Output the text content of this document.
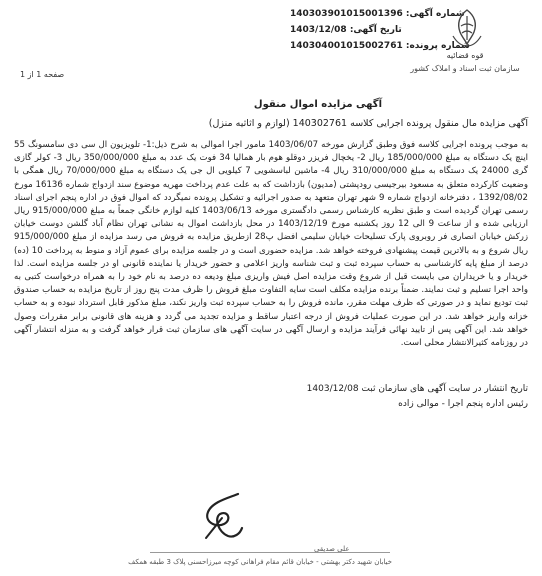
شماره آگهی: 140303901015001396
تاریخ آگهی: 1403/12/08
شماره پرونده: 140304001015002761
قوه قضائیه
سازمان ثبت اسناد و املاک کشور
صفحه 1 از 1
آگهی مزایده اموال منقول
آگهی مزایده مال منقول پرونده اجرایی کلاسه 140302761 (لوازم و اثاثیه منزل)
به موجب پرونده اجرایی کلاسه فوق وطبق گزارش مورخه 1403/06/07 مامور اجرا اموالی به شرح ذیل:1- تلویزیون ال سی دی سامسونگ 55 اینچ یک دستگاه به مبلغ 185/000/000 ریال 2- یخچال فریزر دوقلو هوم بار همالیا 34 فوت یک عدد به مبلغ 350/000/000 ریال 3- کولر گازی گری 24000 یک دستگاه به مبلغ 310/000/000 ریال 4- ماشین لباسشویی 7 کیلویی ال جی یک دستگاه به مبلغ 70/000/000 ریال همگی با وضعیت کارکرده متعلق به مسعود بیرجیسی رودپشتی (مدیون) بازداشت که به علت عدم پرداخت مهریه موضوع سند ازدواج شماره 16136 مورخ 1392/08/02 ، دفترخانه ازدواج شماره 9 شهر تهران متعهد به صدور اجرائیه و تشکیل پرونده نمیگردد که اموال فوق در اداره پنجم اجرای اسناد رسمی تهران گردیده است و طبق نظریه کارشناس رسمی دادگستری مورخه 1403/06/13 کلیه لوازم خانگی جمعاً به مبلغ 915/000/000 ریال ارزیابی شده و از ساعت 9 الی 12 روز یکشنبه مورخ 1403/12/19 در محل بازداشت اموال به نشانی تهران نظام آباد گلشن دوست خیابان زرکش خیابان انصاری فر روبروی پارک تسلیحات خیابان سلیمی افضل پ28 ازطریق مزایده به فروش می رسد مزایده از مبلغ 915/000/000 ریال شروع و به بالاترین قیمت پیشنهادی فروخته خواهد شد. مزایده حضوری است و در جلسه مزایده برای عموم آزاد و منوط به پرداخت 10 (ده) درصد از مبلغ پایه کارشناسی به حساب سپرده ثبت و ثبت شناسه واریز اعلامی و حضور خریدار یا نماینده قانونی او در جلسه مزایده است. لذا خریدار و یا خریداران می بایست قبل از شروع وقت مزایده اصل فیش واریزی مبلغ ودیعه ده درصد به نام خود را به همراه درخواست کتبی به واحد اجرا تسلیم و ثبت نمایند. ضمناً برنده مزایده مکلف است سایه التفاوت مبلغ فروش را ظرف مدت پنج روز از تاریخ مزایده به حساب صندوق ثبت تودیع نماید و در صورتی که ظرف مهلت مقرر، مانده فروش را به حساب سپرده ثبت واریز نکند، مبلغ مذکور قابل استرداد نبوده و به حساب خزانه واریز خواهد شد. در این صورت عملیات فروش از درجه اعتبار ساقط و مزایده تجدید می گردد و هزینه های قانونی برابر مقررات وصول خواهد شد. این آگهی پس از تایید نهائی فرآیند مزایده و ارسال آگهی در سایت آگهی های سازمان ثبت قرار خواهد گرفت و به منزله انتشار آگهی در روزنامه کثیرالانتشار محلی است.
تاریخ انتشار در سایت آگهی های سازمان ثبت 1403/12/08
رئیس اداره پنجم اجرا - موالی زاده
علی صدیقی
خیابان شهید دکتر بهشتی - خیابان قائم مقام فراهانی کوچه میرزاحسنی پلاک 3 طبقه همکف
